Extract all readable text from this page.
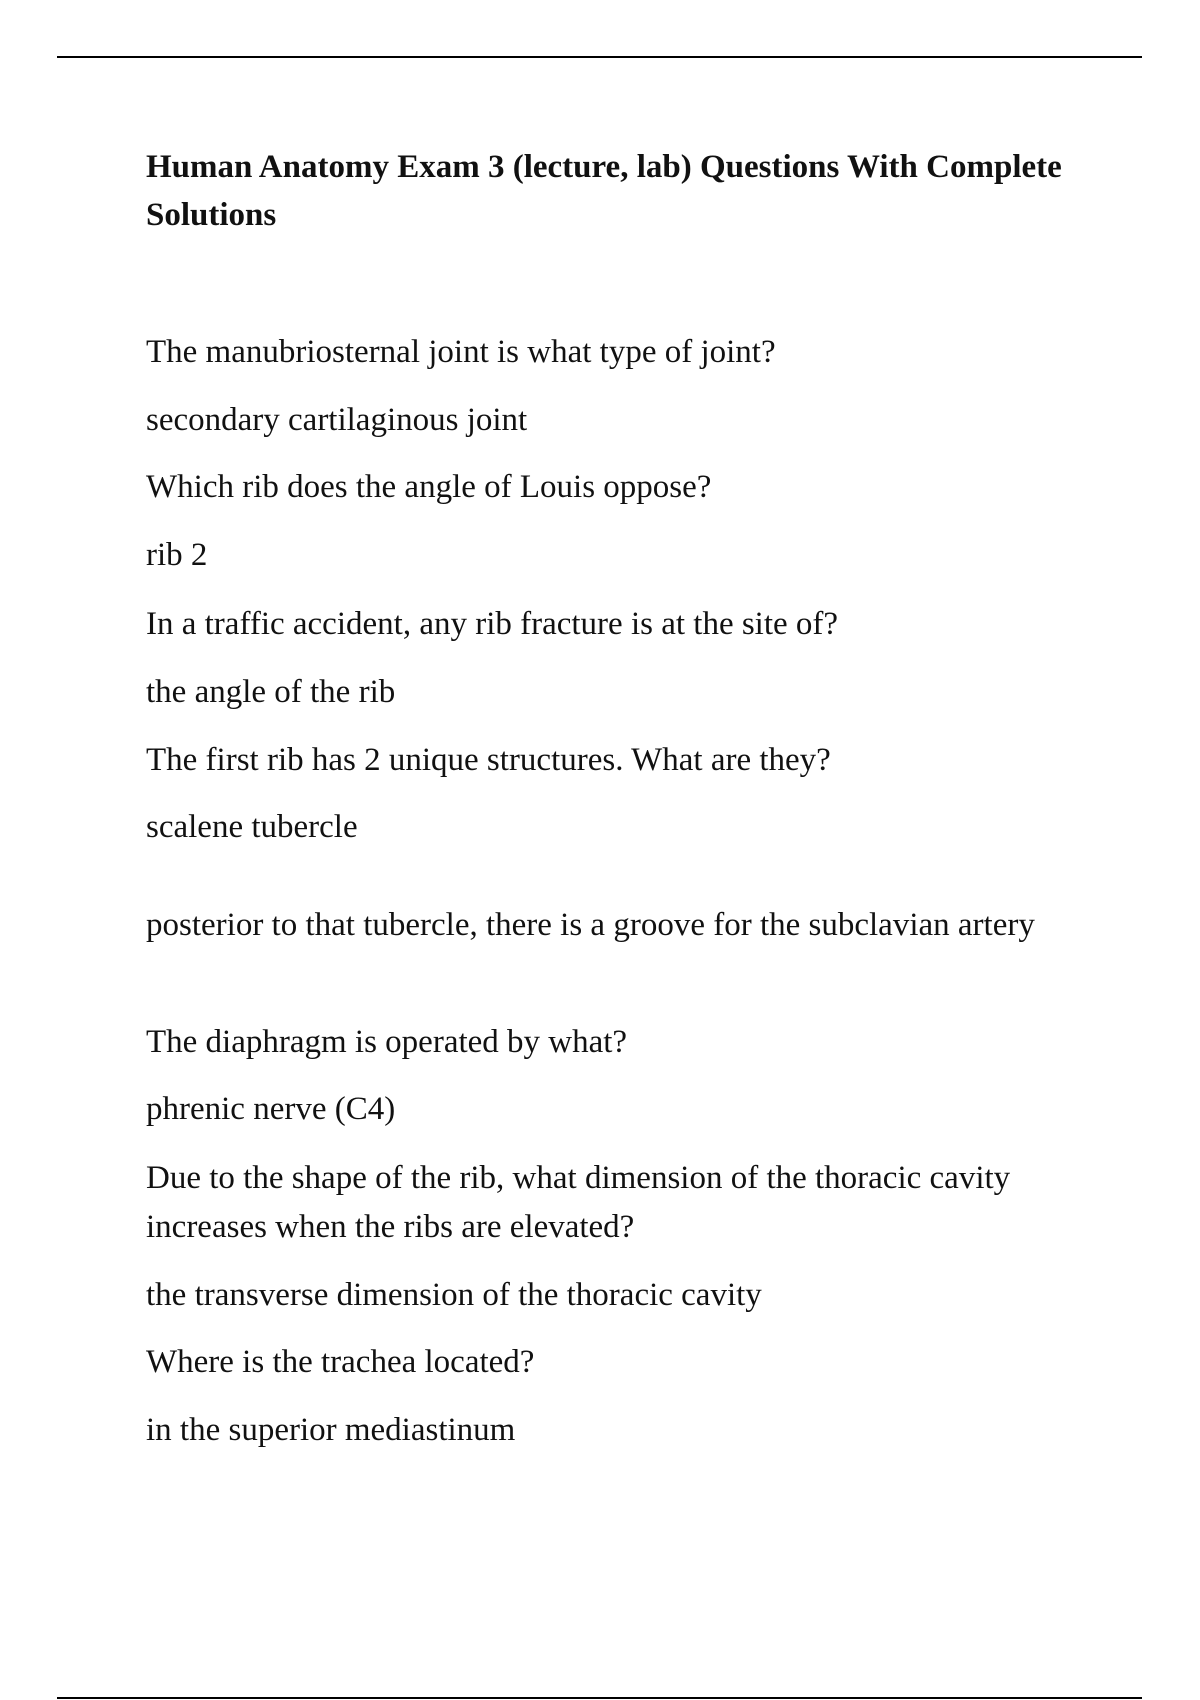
Human Anatomy Exam 3 (lecture, lab) Questions With Complete Solutions

The manubriosternal joint is what type of joint?

secondary cartilaginous joint

Which rib does the angle of Louis oppose?

rib 2

In a traffic accident, any rib fracture is at the site of?

the angle of the rib

The first rib has 2 unique structures. What are they?

scalene tubercle

posterior to that tubercle, there is a groove for the subclavian artery

The diaphragm is operated by what?

phrenic nerve (C4)

Due to the shape of the rib, what dimension of the thoracic cavity increases when the ribs are elevated?

the transverse dimension of the thoracic cavity

Where is the trachea located?

in the superior mediastinum
